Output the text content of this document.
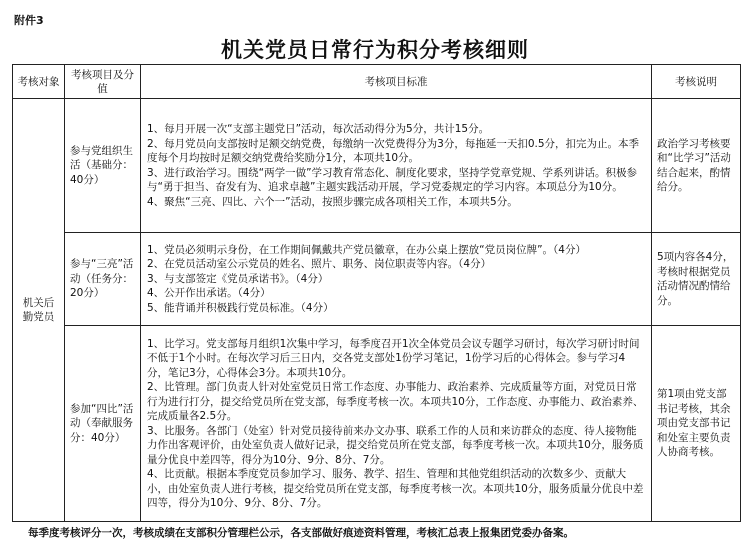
附件3
机关党员日常行为积分考核细则
考核对象	考核项目及分值	考核项目标准	考核说明
机关后勤党员	参与党组织生活（基础分：40分）	1、每月开展一次“支部主题党日”活动，每次活动得分为5分，共计15分。

2、每月党员向支部按时足额交纳党费，每缴纳一次党费得分为3分，每拖延一天扣0.5分，扣完为止。本季度每个月均按时足额交纳党费给奖励分1分，本项共10分。

3、进行政治学习。围绕“两学一做”学习教育常态化、制度化要求，坚持学党章党规、学系列讲话。积极参与“勇于担当、奋发有为、追求卓越”主题实践活动开展，学习党委规定的学习内容。本项总分为10分。

4、聚焦“三亮、四比、六个一”活动，按照步骤完成各项相关工作，本项共5分。	政治学习考核要和“比学习”活动结合起来，酌情给分。
	参与“三亮”活动（任务分：20分）	1、党员必须明示身份，在工作期间佩戴共产党员徽章，在办公桌上摆放“党员岗位牌”。（4分）

2、在党员活动室公示党员的姓名、照片、职务、岗位职责等内容。（4分）

3、与支部签定《党员承诺书》。（4分）

4、公开作出承诺。（4分）

5、能背诵并积极践行党员标准。（4分）	5项内容各4分，考核时根据党员活动情况酌情给分。
	参加“四比”活动（奉献服务分：40分）	1、比学习。党支部每月组织1次集中学习，每季度召开1次全体党员会议专题学习研讨，每次学习研讨时间不低于1个小时。在每次学习后三日内，交各党支部处1份学习笔记，1份学习后的心得体会。参与学习4分，笔记3分，心得体会3分。本项共10分。

2、比管理。部门负责人针对处室党员日常工作态度、办事能力、政治素养、完成质量等方面，对党员日常行为进行打分，提交给党员所在党支部，每季度考核一次。本项共10分，工作态度、办事能力、政治素养、完成质量各2.5分。

3、比服务。各部门（处室）针对党员接待前来办文办事、联系工作的人员和来访群众的态度、待人接物能力作出客观评价，由处室负责人做好记录，提交给党员所在党支部，每季度考核一次。本项共10分，服务质量分优良中差四等，得分为10分、9分、8分、7分。

4、比贡献。根据本季度党员参加学习、服务、教学、招生、管理和其他党组织活动的次数多少、贡献大小，由处室负责人进行考核，提交给党员所在党支部，每季度考核一次。本项共10分，服务质量分优良中差四等，得分为10分、9分、8分、7分。	第1项由党支部书记考核，其余项由党支部书记和处室主要负责人协商考核。
每季度考核评分一次，考核成绩在支部积分管理栏公示，各支部做好痕迹资料管理，考核汇总表上报集团党委办备案。
